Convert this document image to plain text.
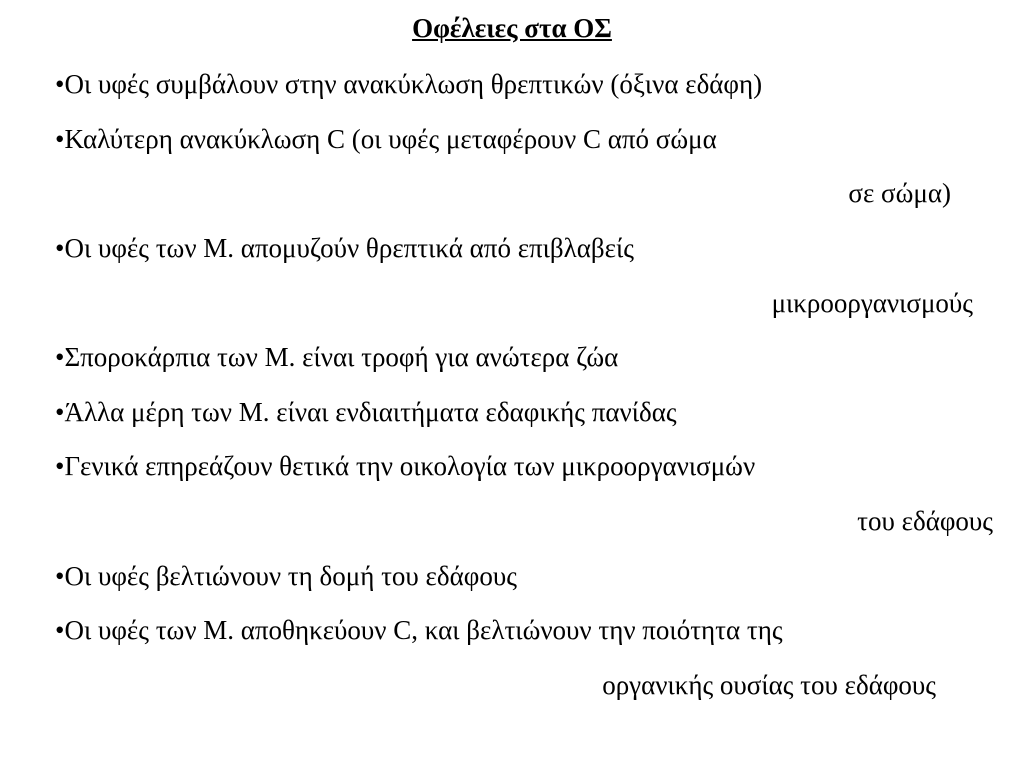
Οφέλειες στα ΟΣ
•Οι υφές συμβάλουν στην ανακύκλωση θρεπτικών (όξινα εδάφη)
•Καλύτερη ανακύκλωση C (οι υφές μεταφέρουν C από σώμα
σε σώμα)
•Οι υφές των Μ. απομυζούν θρεπτικά από επιβλαβείς
μικροοργανισμούς
•Σπορoκάρπια των Μ. είναι τροφή για ανώτερα ζώα
•Άλλα μέρη των Μ. είναι ενδιαιτήματα εδαφικής πανίδας
•Γενικά επηρεάζουν θετικά την οικολογία των μικροοργανισμών
του εδάφους
•Οι υφές βελτιώνουν τη δομή του εδάφους
•Οι υφές των Μ. αποθηκεύουν C, και βελτιώνουν την ποιότητα της
οργανικής ουσίας του εδάφους
